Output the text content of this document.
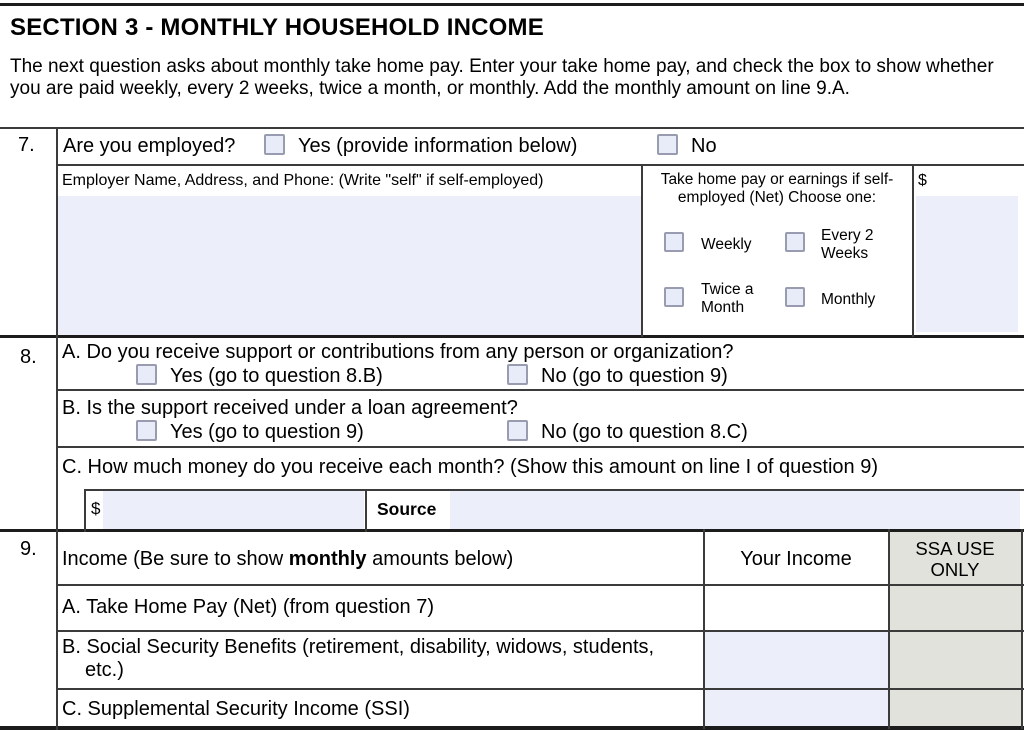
SECTION 3 - MONTHLY HOUSEHOLD INCOME
The next question asks about monthly take home pay. Enter your take home pay, and check the box to show whether you are paid weekly, every 2 weeks, twice a month, or monthly. Add the monthly amount on line 9.A.
7. Are you employed?	Yes (provide information below)	No
Employer Name, Address, and Phone: (Write "self" if self-employed)	Take home pay or earnings if self-
employed (Net) Choose one:
Weekly
Every 2 Weeks
Twice a Month	Monthly
$
8. A. Do you receive support or contributions from any person or organization?
Yes (go to question 8.B)	No (go to question 9)
B. Is the support received under a loan agreement?
Yes (go to question 9)	No (go to question 8.C)
C. How much money do you receive each month? (Show this amount on line I of question 9)
$	Source
9. Income (Be sure to show monthly amounts below)	Your Income	SSA USE ONLY
A. Take Home Pay (Net) (from question 7)
B. Social Security Benefits (retirement, disability, widows, students, etc.)
C. Supplemental Security Income (SSI)
